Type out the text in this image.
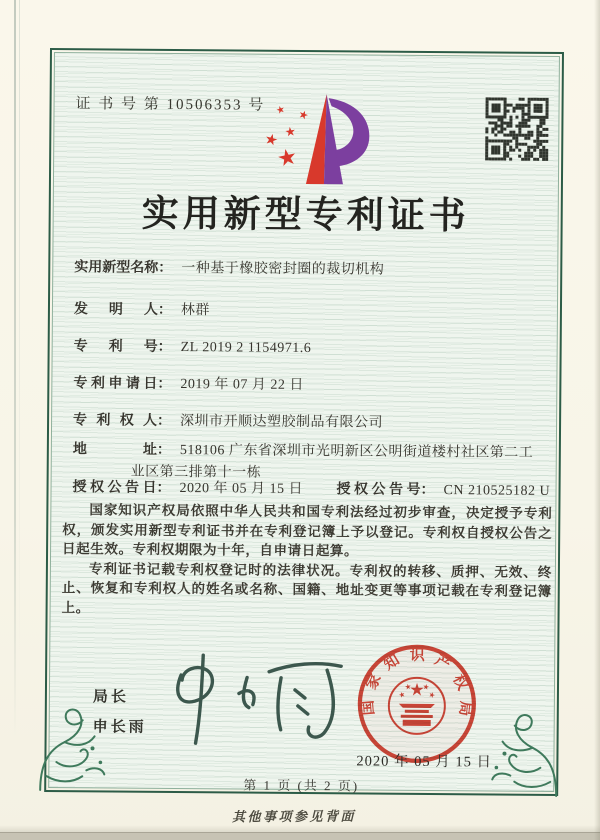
证 书 号 第 10506353 号
实用新型专利证书
实用新型名称： 一种基于橡胶密封圈的裁切机构
发明人： 林群
专利号： ZL 2019 2 1154971.6
专利申请日： 2019 年 07 月 22 日
专利权人： 深圳市开顺达塑胶制品有限公司
地址： 518106 广东省深圳市光明新区公明街道楼村社区第二工
业区第三排第十一栋
授权公告日： 2020 年 05 月 15 日 授权公告号： CN 210525182 U

国家知识产权局依照中华人民共和国专利法经过初步审查，决定授予专利权，颁发实用新型专利证书并在专利登记簿上予以登记。专利权自授权公告之日起生效。专利权期限为十年，自申请日起算。

专利证书记载专利权登记时的法律状况。专利权的转移、质押、无效、终止、恢复和专利权人的姓名或名称、国籍、地址变更等事项记载在专利登记簿上。

局长
申长雨
国
家
知 识 产
权
局
2020 年 05 月 15 日
第 1 页 (共 2 页)
其他事项参见背面
